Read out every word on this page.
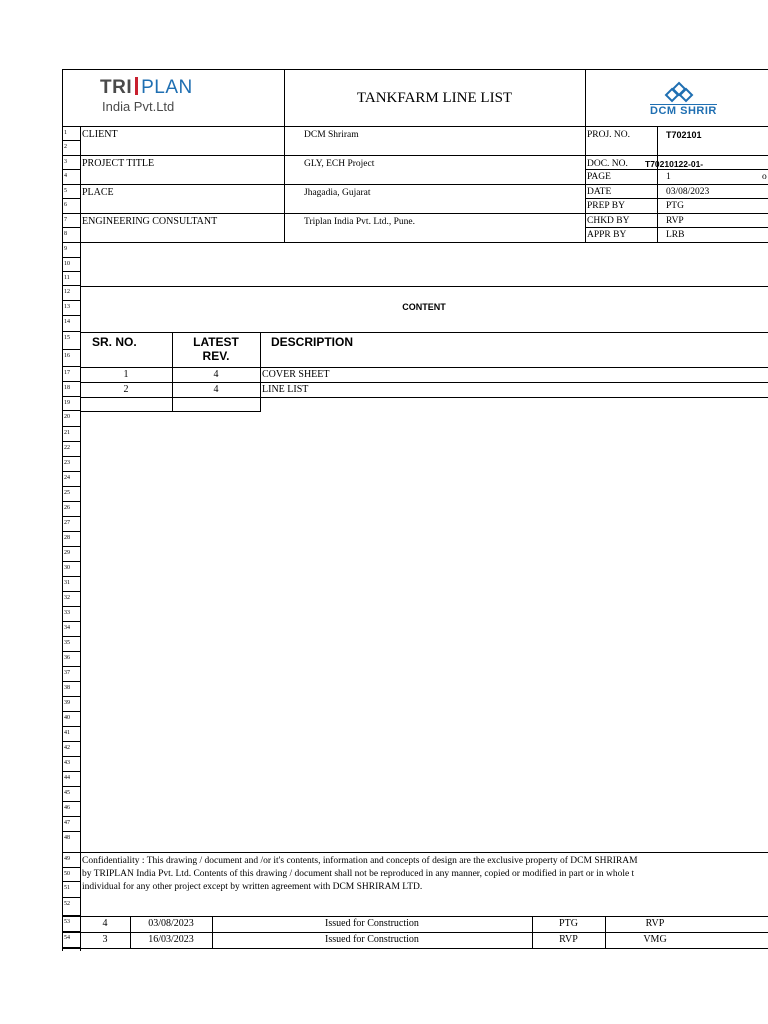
TRI PLAN
India Pvt.Ltd
TANKFARM LINE LIST
DCM SHRIR
CLIENT	DCM Shriram
PROJECT TITLE	GLY, ECH Project
PLACE	Jhagadia, Gujarat
ENGINEERING CONSULTANT	Triplan India Pvt. Ltd., Pune.
PROJ. NO.	T702101
DOC. NO. T70210122-01-
PAGE	1	o
DATE	03/08/2023
PREP BY	PTG
CHKD BY	RVP
APPR BY	LRB
CONTENT
SR. NO.	LATEST
REV.
DESCRIPTION
1	4	COVER SHEET
2	4	LINE LIST
Confidentiality : This drawing / document and /or it's contents, information and concepts of design are the exclusive property of DCM SHRIRAM
by TRIPLAN India Pvt. Ltd. Contents of this drawing / document shall not be reproduced in any manner, copied or modified in part or in whole t
individual for any other project except by written agreement with DCM SHRIRAM LTD.
4	03/08/2023	Issued for Construction	PTG	RVP
3	16/03/2023	Issued for Construction	RVP	VMG
1
2
3
4
5
6
7
8
9
10
11
12
13
14
15
16
17
18
19
20
21
22
23
24
25
26
27
28
29
30
31
32
33
34
35
36
37
38
39
40
41
42
43
44
45
46
47
48
49
50
51
52
53
54
